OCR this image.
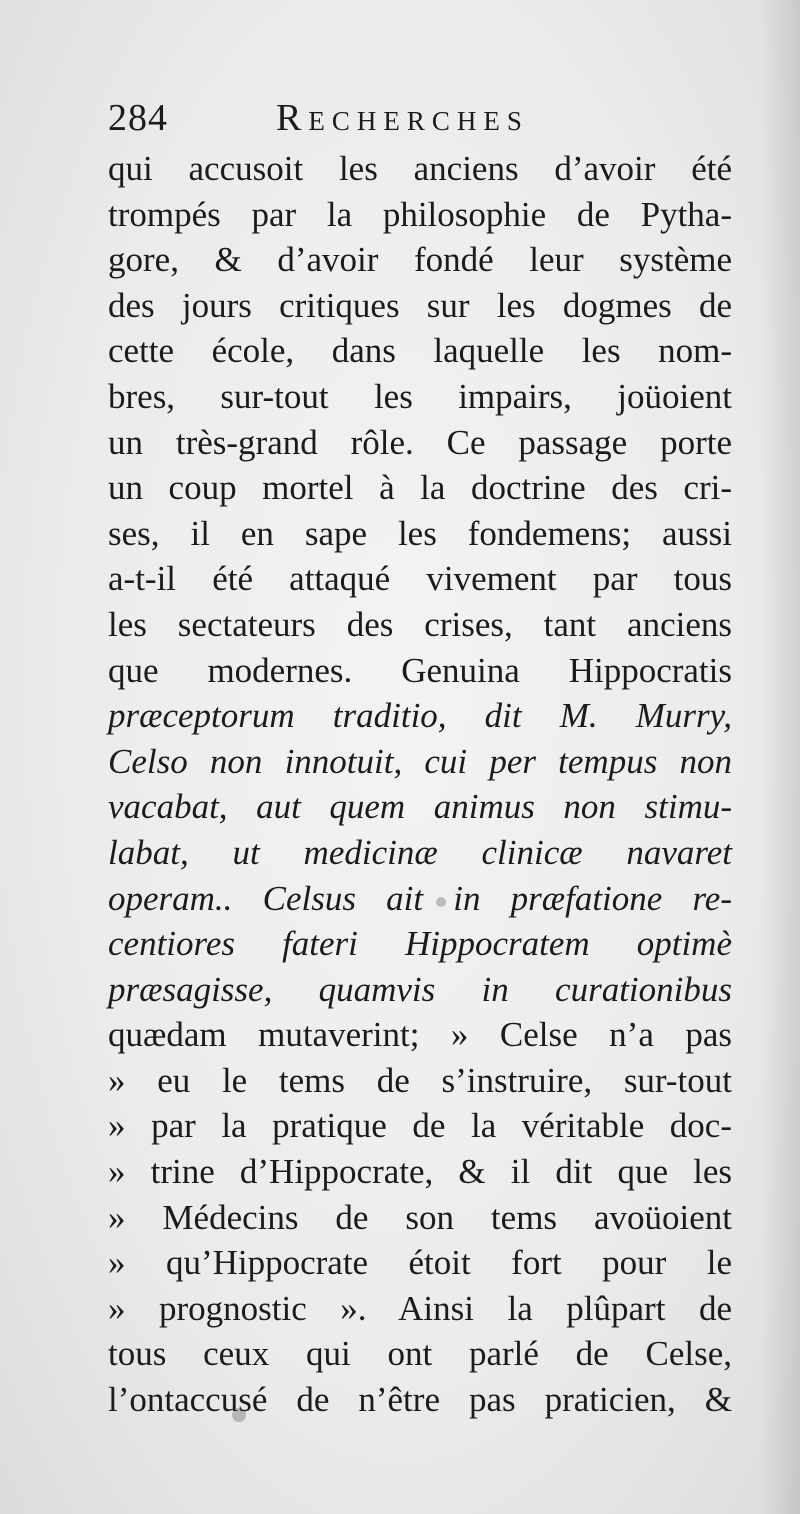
284	Recherches
qui accusoit les anciens d’avoir été
trompés par la philosophie de Pytha-
gore, & d’avoir fondé leur système
des jours critiques sur les dogmes de
cette école, dans laquelle les nom-
bres, sur-tout les impairs, joüoient
un très-grand rôle. Ce passage porte
un coup mortel à la doctrine des cri-
ses, il en sape les fondemens; aussi
a-t-il été attaqué vivement par tous
les sectateurs des crises, tant anciens
que modernes. Genuina Hippocratis
præceptorum traditio, dit M. Murry,
Celso non innotuit, cui per tempus non
vacabat, aut quem animus non stimu-
labat, ut medicinæ clinicæ navaret
operam.. Celsus ait in præfatione re-
centiores fateri Hippocratem optimè
præsagisse, quamvis in curationibus
quædam mutaverint; » Celse n’a pas
» eu le tems de s’instruire, sur-tout
» par la pratique de la véritable doc-
» trine d’Hippocrate, & il dit que les
» Médecins de son tems avoüoient
» qu’Hippocrate étoit fort pour le
» prognostic ». Ainsi la plûpart de
tous ceux qui ont parlé de Celse,
l’ontaccusé de n’être pas praticien, &
